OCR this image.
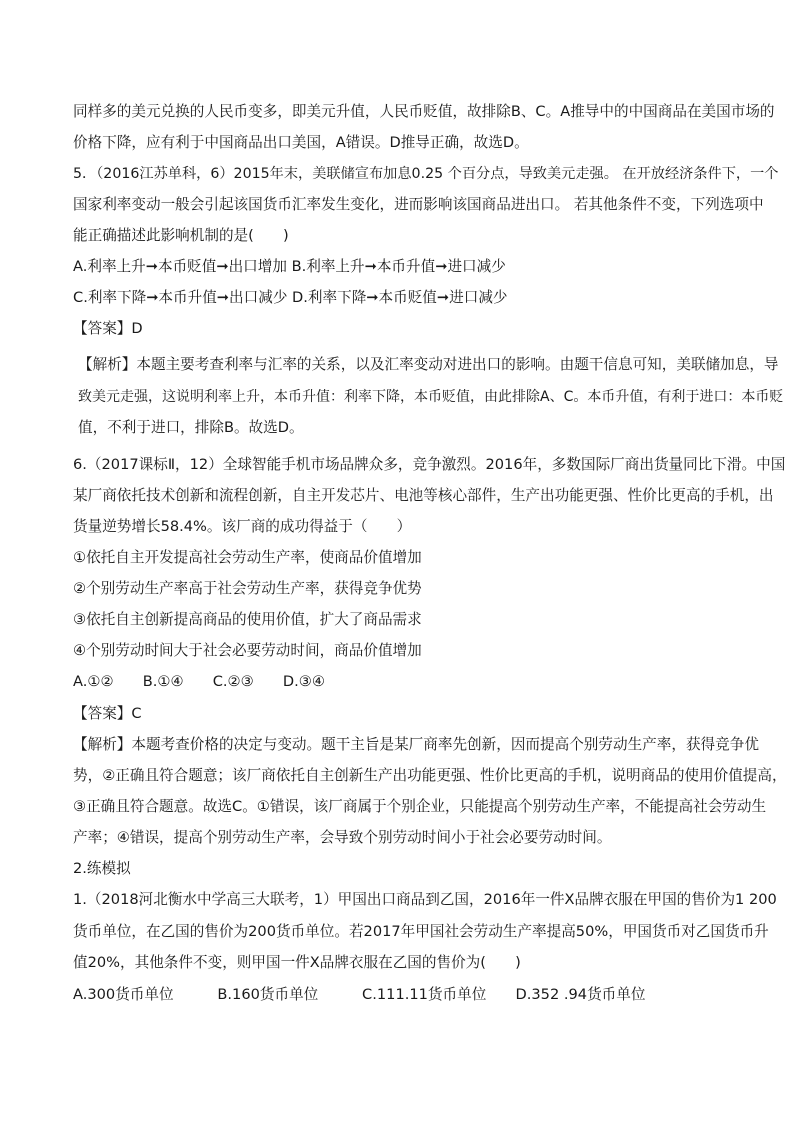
同样多的美元兑换的人民币变多，即美元升值，人民币贬值，故排除B、C。A推导中的中国商品在美国市场的
价格下降，应有利于中国商品出口美国，A错误。D推导正确，故选D。
5．（2016江苏单科，6）2015年末，美联储宣布加息0.25 个百分点，导致美元走强。 在开放经济条件下，一个
国家利率变动一般会引起该国货币汇率发生变化，进而影响该国商品进出口。 若其他条件不变，下列选项中
能正确描述此影响机制的是(　　)
A.利率上升➞本币贬值➞出口增加 B.利率上升➞本币升值➞进口减少
C.利率下降➞本币升值➞出口减少 D.利率下降➞本币贬值➞进口减少
【答案】D
【解析】本题主要考查利率与汇率的关系，以及汇率变动对进出口的影响。由题干信息可知，美联储加息，导
致美元走强，这说明利率上升，本币升值：利率下降，本币贬值，由此排除A、C。本币升值，有利于进口：本币贬
值，不利于进口，排除B。故选D。
6.（2017课标Ⅱ，12）全球智能手机市场品牌众多，竞争激烈。2016年，多数国际厂商出货量同比下滑。中国
某厂商依托技术创新和流程创新，自主开发芯片、电池等核心部件，生产出功能更强、性价比更高的手机，出
货量逆势增长58.4%。该厂商的成功得益于（　　）
①依托自主开发提高社会劳动生产率，使商品价值增加
②个别劳动生产率高于社会劳动生产率，获得竞争优势
③依托自主创新提高商品的使用价值，扩大了商品需求
④个别劳动时间大于社会必要劳动时间，商品价值增加
A.①②　　B.①④　　C.②③　　D.③④
【答案】C
【解析】本题考查价格的决定与变动。题干主旨是某厂商率先创新，因而提高个别劳动生产率，获得竞争优
势，②正确且符合题意；该厂商依托自主创新生产出功能更强、性价比更高的手机，说明商品的使用价值提高，
③正确且符合题意。故选C。①错误，该厂商属于个别企业，只能提高个别劳动生产率，不能提高社会劳动生
产率；④错误，提高个别劳动生产率，会导致个别劳动时间小于社会必要劳动时间。
2.练模拟
1.（2018河北衡水中学高三大联考，1）甲国出口商品到乙国，2016年一件X品牌衣服在甲国的售价为1 200
货币单位，在乙国的售价为200货币单位。若2017年甲国社会劳动生产率提高50%，甲国货币对乙国货币升
值20%，其他条件不变，则甲国一件X品牌衣服在乙国的售价为(　　)
A.300货币单位　　　B.160货币单位　　　C.111.11货币单位　　D.352 .94货币单位
